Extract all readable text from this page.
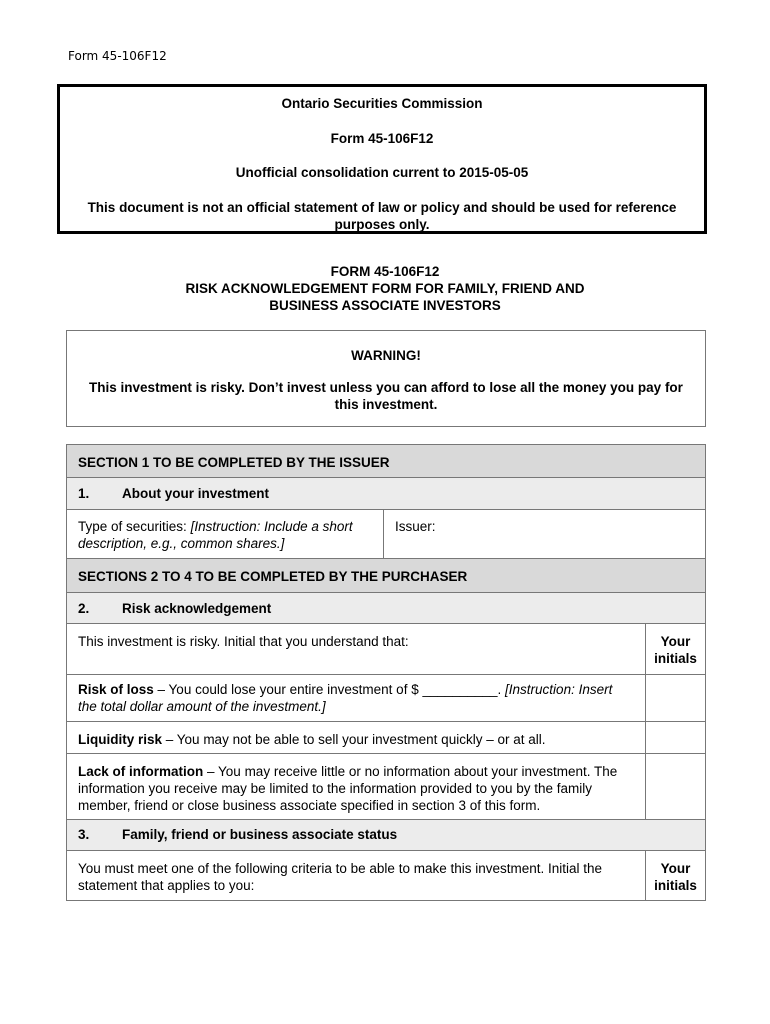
Form 45-106F12
Ontario Securities Commission
Form 45-106F12
Unofficial consolidation current to 2015-05-05
This document is not an official statement of law or policy and should be used for reference
purposes only.
FORM 45-106F12
RISK ACKNOWLEDGEMENT FORM FOR FAMILY, FRIEND AND
BUSINESS ASSOCIATE INVESTORS
WARNING!
This investment is risky. Don’t invest unless you can afford to lose all the money you pay for
this investment.
SECTION 1 TO BE COMPLETED BY THE ISSUER
1. About your investment
Type of securities: [Instruction: Include a short
description, e.g., common shares.]
Issuer:
SECTIONS 2 TO 4 TO BE COMPLETED BY THE PURCHASER
2. Risk acknowledgement
This investment is risky. Initial that you understand that:	Your
initials
Risk of loss – You could lose your entire investment of $ __________. [Instruction: Insert
the total dollar amount of the investment.]
Liquidity risk – You may not be able to sell your investment quickly – or at all.
Lack of information – You may receive little or no information about your investment. The
information you receive may be limited to the information provided to you by the family
member, friend or close business associate specified in section 3 of this form.
3. Family, friend or business associate status
You must meet one of the following criteria to be able to make this investment. Initial the
statement that applies to you:
Your
initials
